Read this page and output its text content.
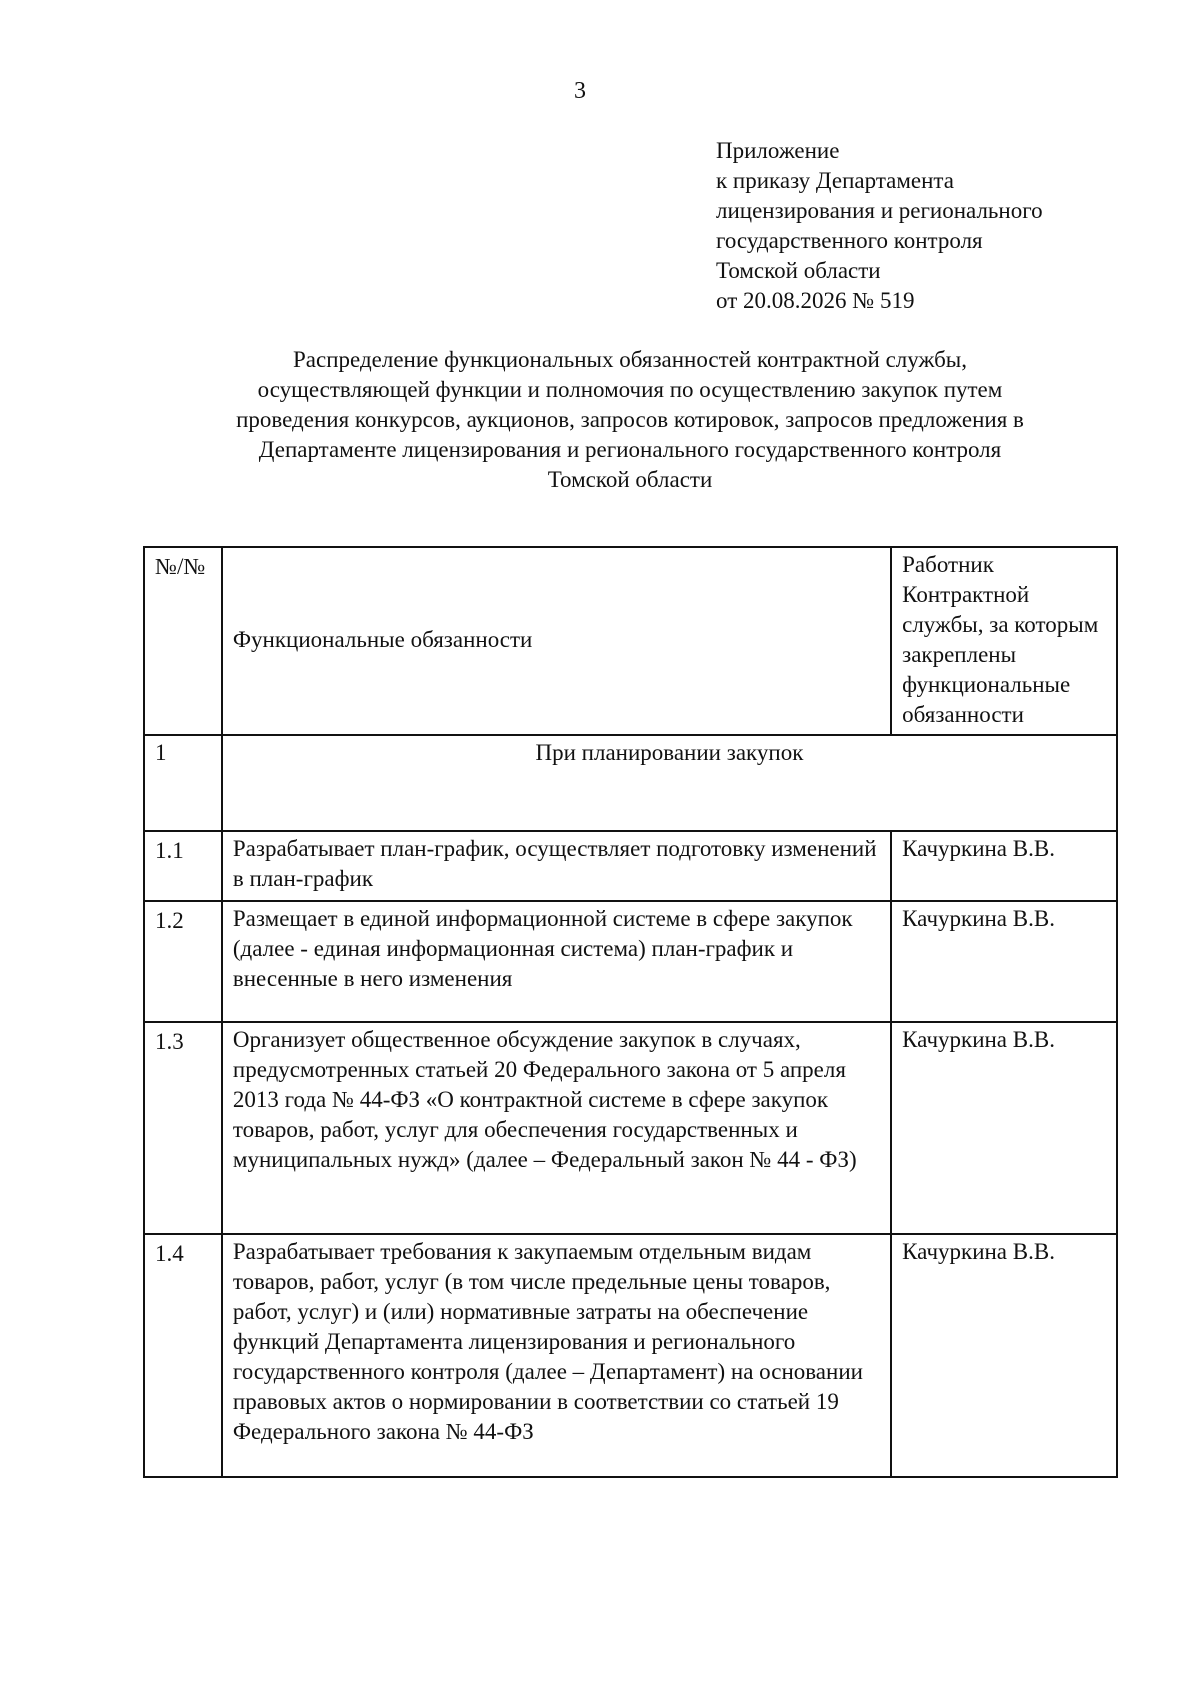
3
Приложение
к приказу Департамента
лицензирования и регионального
государственного контроля
Томской области
от 20.08.2026 № 519
Распределение функциональных обязанностей контрактной службы,
осуществляющей функции и полномочия по осуществлению закупок путем
проведения конкурсов, аукционов, запросов котировок, запросов предложения в
Департаменте лицензирования и регионального государственного контроля
Томской области
№/№	Функциональные обязанности	Работник Контрактной службы, за которым закреплены функциональные обязанности
1	При планировании закупок	
1.1	Разрабатывает план-график, осуществляет подготовку изменений в план-график	Качуркина В.В.
1.2	Размещает в единой информационной системе в сфере закупок (далее - единая информационная система) план-график и внесенные в него изменения	Качуркина В.В.
1.3	Организует общественное обсуждение закупок в случаях, предусмотренных статьей 20 Федерального закона от 5 апреля 2013 года № 44-ФЗ «О контрактной системе в сфере закупок товаров, работ, услуг для обеспечения государственных и муниципальных нужд» (далее – Федеральный закон № 44 - ФЗ)	Качуркина В.В.
1.4	Разрабатывает требования к закупаемым отдельным видам товаров, работ, услуг (в том числе предельные цены товаров, работ, услуг) и (или) нормативные затраты на обеспечение функций Департамента лицензирования и регионального государственного контроля (далее – Департамент) на основании правовых актов о нормировании в соответствии со статьей 19 Федерального закона № 44-ФЗ	Качуркина В.В.
